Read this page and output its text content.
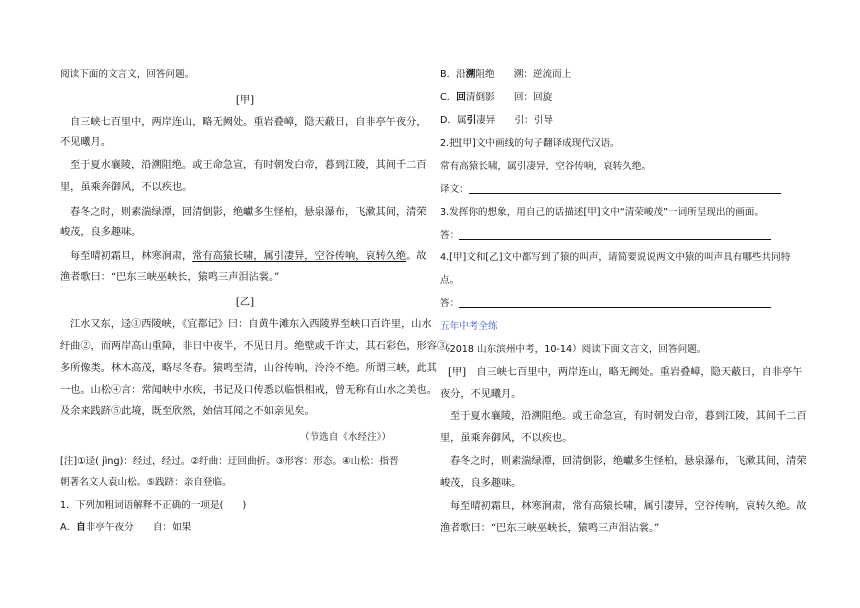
阅读下面的文言文，回答问题。
[甲]
自三峡七百里中，两岸连山，略无阙处。重岩叠嶂，隐天蔽日，自非亭午夜分，
不见曦月。
至于夏水襄陵，沿溯阻绝。或王命急宣，有时朝发白帝，暮到江陵，其间千二百
里，虽乘奔御风，不以疾也。
春冬之时，则素湍绿潭，回清倒影，绝巘多生怪柏，悬泉瀑布，飞漱其间，清荣
峻茂，良多趣味。
每至晴初霜旦，林寒涧肃，常有高猿长啸，属引凄异，空谷传响，哀转久绝。故
渔者歌曰：“巴东三峡巫峡长，猿鸣三声泪沾裳。”
[乙]
江水又东，迳①西陵峡，《宜都记》曰：自黄牛滩东入西陵界至峡口百许里，山水
纡曲②，而两岸高山重障，非日中夜半，不见日月。绝壁或千许丈，其石彩色，形容③，
多所像类。林木高茂，略尽冬春。猿鸣至清，山谷传响，泠泠不绝。所谓三峡，此其
一也。山松④言：常闻峡中水疾，书记及口传悉以临惧相戒，曾无称有山水之美也。
及余来践跻⑤此境，既至欣然，始信耳闻之不如亲见矣。
（节选自《水经注》）
[注]①迳( jìng)：经过，经过。②纡曲：迂回曲折。③形容：形态。④山松：指晋
朝著名文人袁山松。⑤践跻：亲自登临。
1．下列加粗词语解释不正确的一项是(　　)
A．自非亭午夜分　　自：如果
B．沿溯阻绝　　溯：逆流而上
C．回清倒影　　回：回旋
D．属引凄异　　引：引导
2.把[甲]文中画线的句子翻译成现代汉语。
常有高猿长啸，属引凄异，空谷传响，哀转久绝。
译文：
3.发挥你的想象，用自己的话描述[甲]文中“清荣峻茂”一词所呈现出的画面。
答：
4.[甲]文和[乙]文中都写到了猿的叫声，请简要说说两文中猿的叫声具有哪些共同特
点。
答：
五年中考全练
（2018 山东滨州中考，10-14）阅读下面文言文，回答问题。
[甲]　自三峡七百里中，两岸连山，略无阙处。重岩叠嶂，隐天蔽日，自非亭午
夜分，不见曦月。
至于夏水襄陵，沿溯阻绝。或王命急宣，有时朝发白帝，暮到江陵，其间千二百
里，虽乘奔御风，不以疾也。
春冬之时，则素湍绿潭，回清倒影，绝巘多生怪柏，悬泉瀑布，飞漱其间，清荣
峻茂，良多趣味。
每至晴初霜旦，林寒涧肃，常有高猿长啸，属引凄异，空谷传响，哀转久绝。故
渔者歌曰：“巴东三峡巫峡长，猿鸣三声泪沾裳。”
